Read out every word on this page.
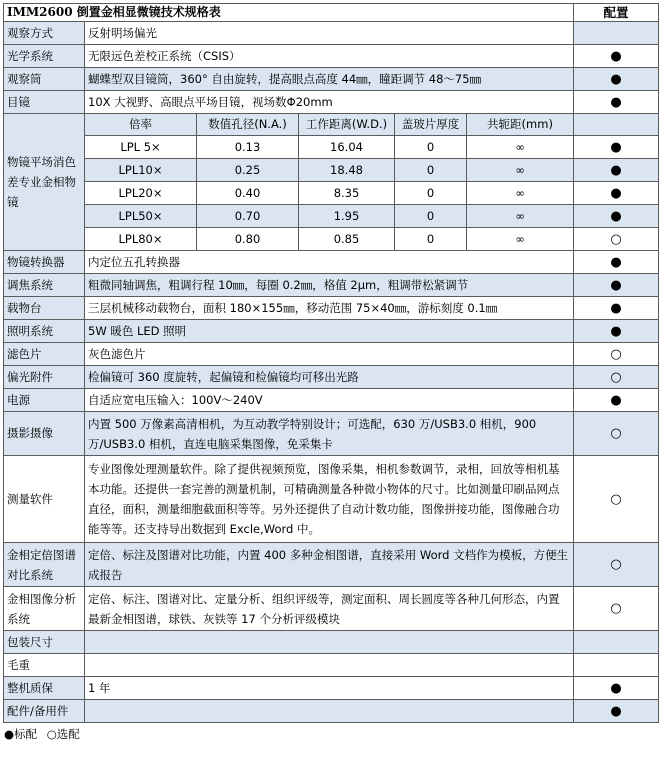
IMM2600 倒置金相显微镜技术规格表						配置
观察方式	反射明场偏光					
光学系统	无限远色差校正系统（CSIS）					●
观察筒	蝴蝶型双目镜筒，360° 自由旋转，提高眼点高度 44㎜，瞳距调节 48～75㎜					●
目镜	10X 大视野、高眼点平场目镜，视场数Φ20mm					●
物镜平场消色差专业金相物镜	倍率	数值孔径(N.A.)	工作距离(W.D.)	盖玻片厚度	共轭距(mm)	
	LPL 5×	0.13	16.04	0	∞	●
	LPL10×	0.25	18.48	0	∞	●
	LPL20×	0.40	8.35	0	∞	●
	LPL50×	0.70	1.95	0	∞	●
	LPL80×	0.80	0.85	0	∞	○
物镜转换器	内定位五孔转换器					●
调焦系统	粗微同轴调焦，粗调行程 10㎜，每圈 0.2㎜，格值 2μm，粗调带松紧调节					●
载物台	三层机械移动载物台，面积 180×155㎜，移动范围 75×40㎜，游标刻度 0.1㎜					●
照明系统	5W 暖色 LED 照明					●
滤色片	灰色滤色片					○
偏光附件	检偏镜可 360 度旋转，起偏镜和检偏镜均可移出光路					○
电源	自适应宽电压输入：100V～240V					●
摄影摄像	内置 500 万像素高清相机，为互动教学特别设计；可选配，630 万/USB3.0 相机，900 万/USB3.0 相机，直连电脑采集图像，免采集卡					○
测量软件	专业图像处理测量软件。除了提供视频预览，图像采集，相机参数调节，录相，回放等相机基本功能。还提供一套完善的测量机制，可精确测量各种微小物体的尺寸。比如测量印刷品网点直径，面积，测量细胞截面积等等。另外还提供了自动计数功能，图像拼接功能，图像融合功能等等。还支持导出数据到 Excle,Word 中。					○
金相定倍图谱对比系统	定倍、标注及图谱对比功能，内置 400 多种金相图谱，直接采用 Word 文档作为模板，方便生成报告					○
金相图像分析系统	定倍、标注、图谱对比、定量分析、组织评级等，测定面积、周长圆度等各种几何形态，内置最新金相图谱，球铁、灰铁等 17 个分析评级模块					○
包装尺寸						
毛重						
整机质保	1 年					●
配件/备用件						●
●标配 ○选配
